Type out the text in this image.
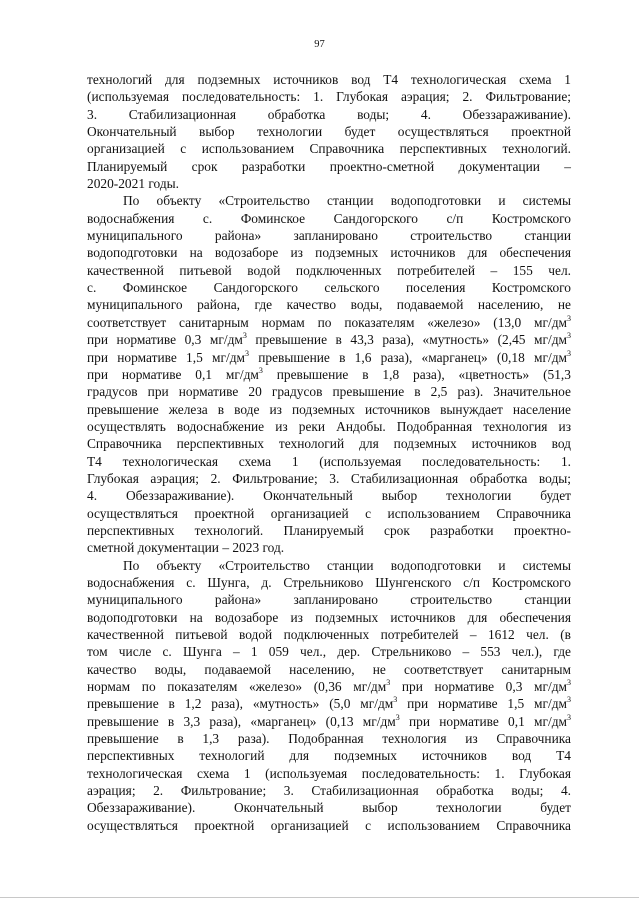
97
технологий для подземных источников вод Т4 технологическая схема 1
(используемая последовательность: 1. Глубокая аэрация; 2. Фильтрование;
3. Стабилизационная обработка воды; 4. Обеззараживание).
Окончательный выбор технологии будет осуществляться проектной
организацией с использованием Справочника перспективных технологий.
Планируемый срок разработки проектно-сметной документации –
2020-2021 годы.
По объекту «Строительство станции водоподготовки и системы
водоснабжения с. Фоминское Сандогорского с/п Костромского
муниципального района» запланировано строительство станции
водоподготовки на водозаборе из подземных источников для обеспечения
качественной питьевой водой подключенных потребителей – 155 чел.
с. Фоминское Сандогорского сельского поселения Костромского
муниципального района, где качество воды, подаваемой населению, не
соответствует санитарным нормам по показателям «железо» (13,0 $мг/дм^3$
при нормативе 0,3 $мг/дм^3$ превышение в 43,3 раза), «мутность» (2,45 $мг/дм^3$
при нормативе 1,5 $мг/дм^3$ превышение в 1,6 раза), «марганец» (0,18 $мг/дм^3$
при нормативе 0,1 $мг/дм^3$ превышение в 1,8 раза), «цветность» (51,3
градусов при нормативе 20 градусов превышение в 2,5 раз). Значительное
превышение железа в воде из подземных источников вынуждает население
осуществлять водоснабжение из реки Андобы. Подобранная технология из
Справочника перспективных технологий для подземных источников вод
Т4 технологическая схема 1 (используемая последовательность: 1.
Глубокая аэрация; 2. Фильтрование; 3. Стабилизационная обработка воды;
4. Обеззараживание). Окончательный выбор технологии будет
осуществляться проектной организацией с использованием Справочника
перспективных технологий. Планируемый срок разработки проектно-
сметной документации – 2023 год.
По объекту «Строительство станции водоподготовки и системы
водоснабжения с. Шунга, д. Стрельниково Шунгенского с/п Костромского
муниципального района» запланировано строительство станции
водоподготовки на водозаборе из подземных источников для обеспечения
качественной питьевой водой подключенных потребителей – 1612 чел. (в
том числе с. Шунга – 1 059 чел., дер. Стрельниково – 553 чел.), где
качество воды, подаваемой населению, не соответствует санитарным
нормам по показателям «железо» (0,36 $мг/дм^3$ при нормативе 0,3 $мг/дм^3$
превышение в 1,2 раза), «мутность» (5,0 $мг/дм^3$ при нормативе 1,5 $мг/дм^3$
превышение в 3,3 раза), «марганец» (0,13 $мг/дм^3$ при нормативе 0,1 $мг/дм^3$
превышение в 1,3 раза). Подобранная технология из Справочника
перспективных технологий для подземных источников вод Т4
технологическая схема 1 (используемая последовательность: 1. Глубокая
аэрация; 2. Фильтрование; 3. Стабилизационная обработка воды; 4.
Обеззараживание). Окончательный выбор технологии будет
осуществляться проектной организацией с использованием Справочника
